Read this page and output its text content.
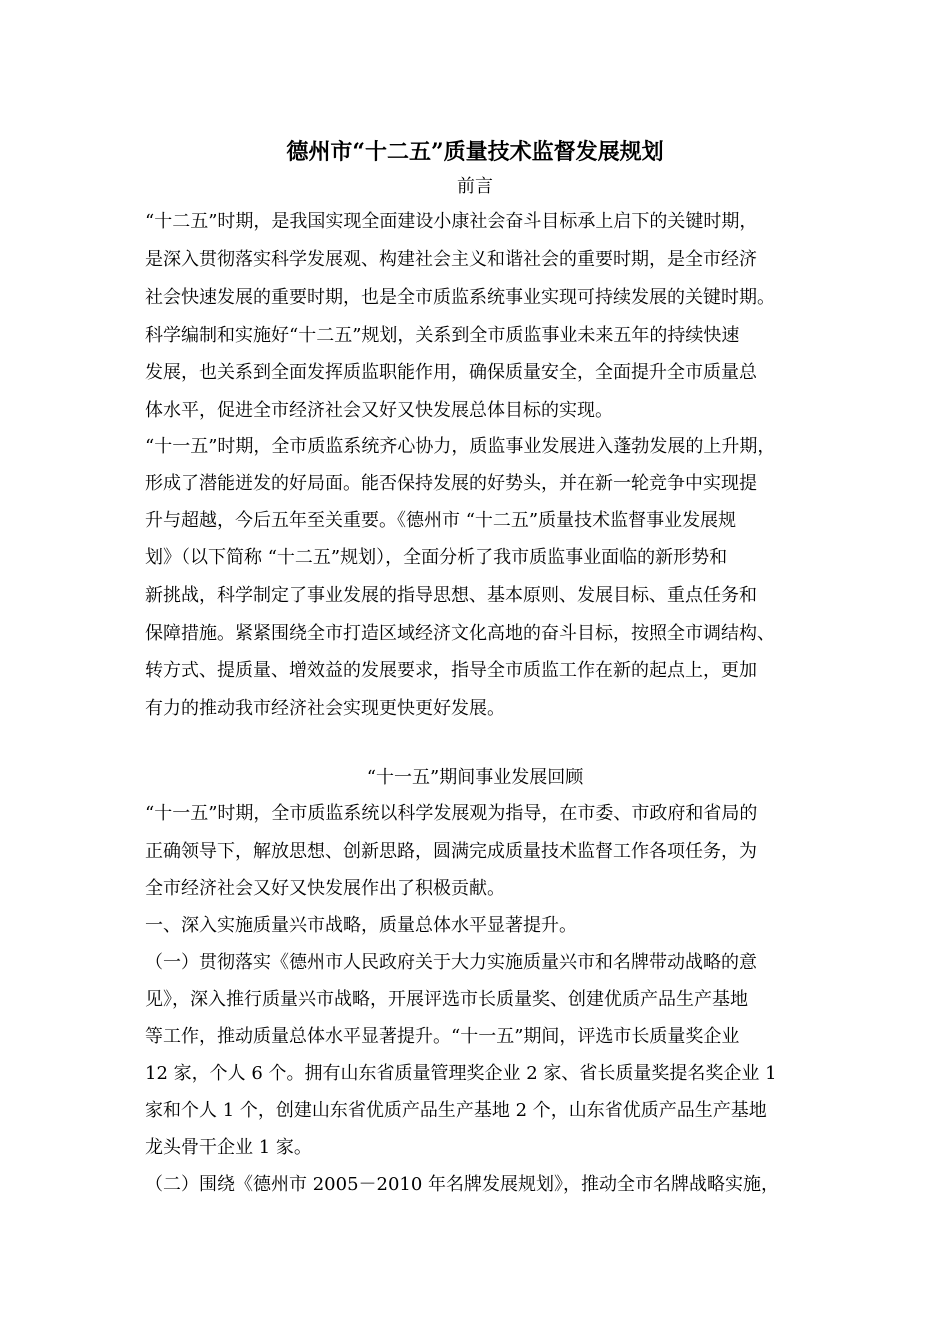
德州市“十二五”质量技术监督发展规划
前言
“十二五”时期，是我国实现全面建设小康社会奋斗目标承上启下的关键时期，
是深入贯彻落实科学发展观、构建社会主义和谐社会的重要时期，是全市经济
社会快速发展的重要时期，也是全市质监系统事业实现可持续发展的关键时期。
科学编制和实施好“十二五”规划，关系到全市质监事业未来五年的持续快速
发展，也关系到全面发挥质监职能作用，确保质量安全，全面提升全市质量总
体水平，促进全市经济社会又好又快发展总体目标的实现。
“十一五”时期，全市质监系统齐心协力，质监事业发展进入蓬勃发展的上升期，
形成了潜能迸发的好局面。能否保持发展的好势头，并在新一轮竞争中实现提
升与超越，今后五年至关重要。《德州市 “十二五”质量技术监督事业发展规
划》（以下简称 “十二五”规划），全面分析了我市质监事业面临的新形势和
新挑战，科学制定了事业发展的指导思想、基本原则、发展目标、重点任务和
保障措施。紧紧围绕全市打造区域经济文化高地的奋斗目标，按照全市调结构、
转方式、提质量、增效益的发展要求，指导全市质监工作在新的起点上，更加
有力的推动我市经济社会实现更快更好发展。
“十一五”期间事业发展回顾
“十一五”时期，全市质监系统以科学发展观为指导，在市委、市政府和省局的
正确领导下，解放思想、创新思路，圆满完成质量技术监督工作各项任务，为
全市经济社会又好又快发展作出了积极贡献。
一、深入实施质量兴市战略，质量总体水平显著提升。
（一）贯彻落实《德州市人民政府关于大力实施质量兴市和名牌带动战略的意
见》，深入推行质量兴市战略，开展评选市长质量奖、创建优质产品生产基地
等工作，推动质量总体水平显著提升。“十一五”期间，评选市长质量奖企业
12 家，个人 6 个。拥有山东省质量管理奖企业 2 家、省长质量奖提名奖企业 1
家和个人 1 个，创建山东省优质产品生产基地 2 个，山东省优质产品生产基地
龙头骨干企业 1 家。
（二）围绕《德州市 2005－2010 年名牌发展规划》，推动全市名牌战略实施，
